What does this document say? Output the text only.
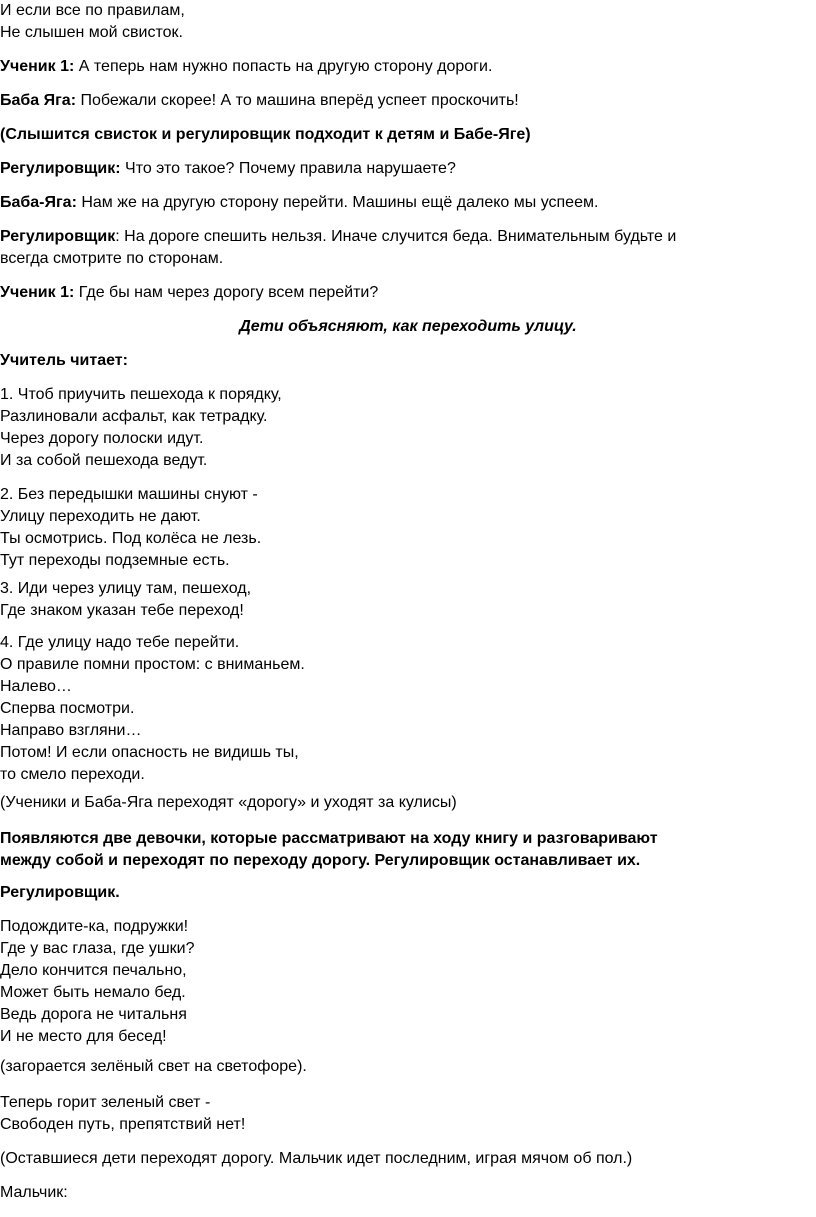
И если все по правилам,
Не слышен мой свисток.
Ученик 1: А теперь нам нужно попасть на другую сторону дороги.
Баба Яга: Побежали скорее! А то машина вперёд успеет проскочить!
(Слышится свисток и регулировщик подходит к детям и Бабе-Яге)
Регулировщик: Что это такое? Почему правила нарушаете?
Баба-Яга: Нам же на другую сторону перейти. Машины ещё далеко мы успеем.
Регулировщик: На дороге спешить нельзя. Иначе случится беда. Внимательным будьте и
всегда смотрите по сторонам.
Ученик 1: Где бы нам через дорогу всем перейти?
Дети объясняют, как переходить улицу.
Учитель читает:
1. Чтоб приучить пешехода к порядку,
Разлиновали асфальт, как тетрадку.
Через дорогу полоски идут.
И за собой пешехода ведут.
2. Без передышки машины снуют -
Улицу переходить не дают.
Ты осмотрись. Под колёса не лезь.
Тут переходы подземные есть.
3. Иди через улицу там, пешеход,
Где знаком указан тебе переход!
4. Где улицу надо тебе перейти.
О правиле помни простом: с вниманьем.
Налево…
Сперва посмотри.
Направо взгляни…
Потом! И если опасность не видишь ты,
то смело переходи.
(Ученики и Баба-Яга переходят «дорогу» и уходят за кулисы)
Появляются две девочки, которые рассматривают на ходу книгу и разговаривают
между собой и переходят по переходу дорогу. Регулировщик останавливает их.
Регулировщик.
Подождите-ка, подружки!
Где у вас глаза, где ушки?
Дело кончится печально,
Может быть немало бед.
Ведь дорога не читальня
И не место для бесед!
(загорается зелёный свет на светофоре).
Теперь горит зеленый свет -
Свободен путь, препятствий нет!
(Оставшиеся дети переходят дорогу. Мальчик идет последним, играя мячом об пол.)
Мальчик:
